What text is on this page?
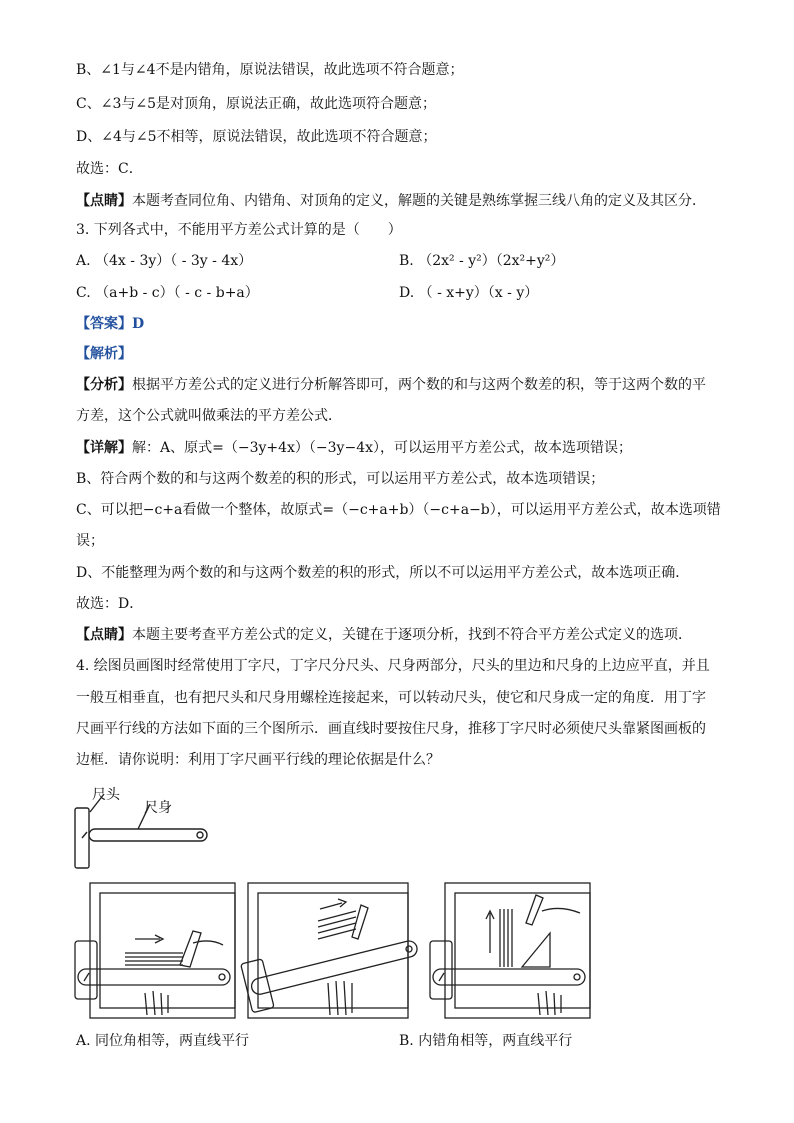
B、∠1与∠4不是内错角，原说法错误，故此选项不符合题意；
C、∠3与∠5是对顶角，原说法正确，故此选项符合题意；
D、∠4与∠5不相等，原说法错误，故此选项不符合题意；
故选：C．
【点睛】本题考查同位角、内错角、对顶角的定义，解题的关键是熟练掌握三线八角的定义及其区分．
3. 下列各式中，不能用平方差公式计算的是（　　）
A. （4x - 3y）（ - 3y - 4x）	B. （2x² - y²）（2x²+y²）
C. （a+b - c）（ - c - b+a）	D. （ - x+y）（x - y）
【答案】D
【解析】
【分析】根据平方差公式的定义进行分析解答即可，两个数的和与这两个数差的积，等于这两个数的平
方差，这个公式就叫做乘法的平方差公式．
【详解】解：A、原式=（−3y+4x）（−3y−4x），可以运用平方差公式，故本选项错误；
B、符合两个数的和与这两个数差的积的形式，可以运用平方差公式，故本选项错误；
C、可以把−c+a看做一个整体，故原式=（−c+a+b）（−c+a−b），可以运用平方差公式，故本选项错
误；
D、不能整理为两个数的和与这两个数差的积的形式，所以不可以运用平方差公式，故本选项正确．
故选：D．
【点睛】本题主要考查平方差公式的定义，关键在于逐项分析，找到不符合平方差公式定义的选项．
4. 绘图员画图时经常使用丁字尺，丁字尺分尺头、尺身两部分，尺头的里边和尺身的上边应平直，并且
一般互相垂直，也有把尺头和尺身用螺栓连接起来，可以转动尺头，使它和尺身成一定的角度．用丁字
尺画平行线的方法如下面的三个图所示．画直线时要按住尺身，推移丁字尺时必须使尺头靠紧图画板的
边框．请你说明：利用丁字尺画平行线的理论依据是什么？
尺头
尺身
A. 同位角相等，两直线平行	B. 内错角相等，两直线平行
